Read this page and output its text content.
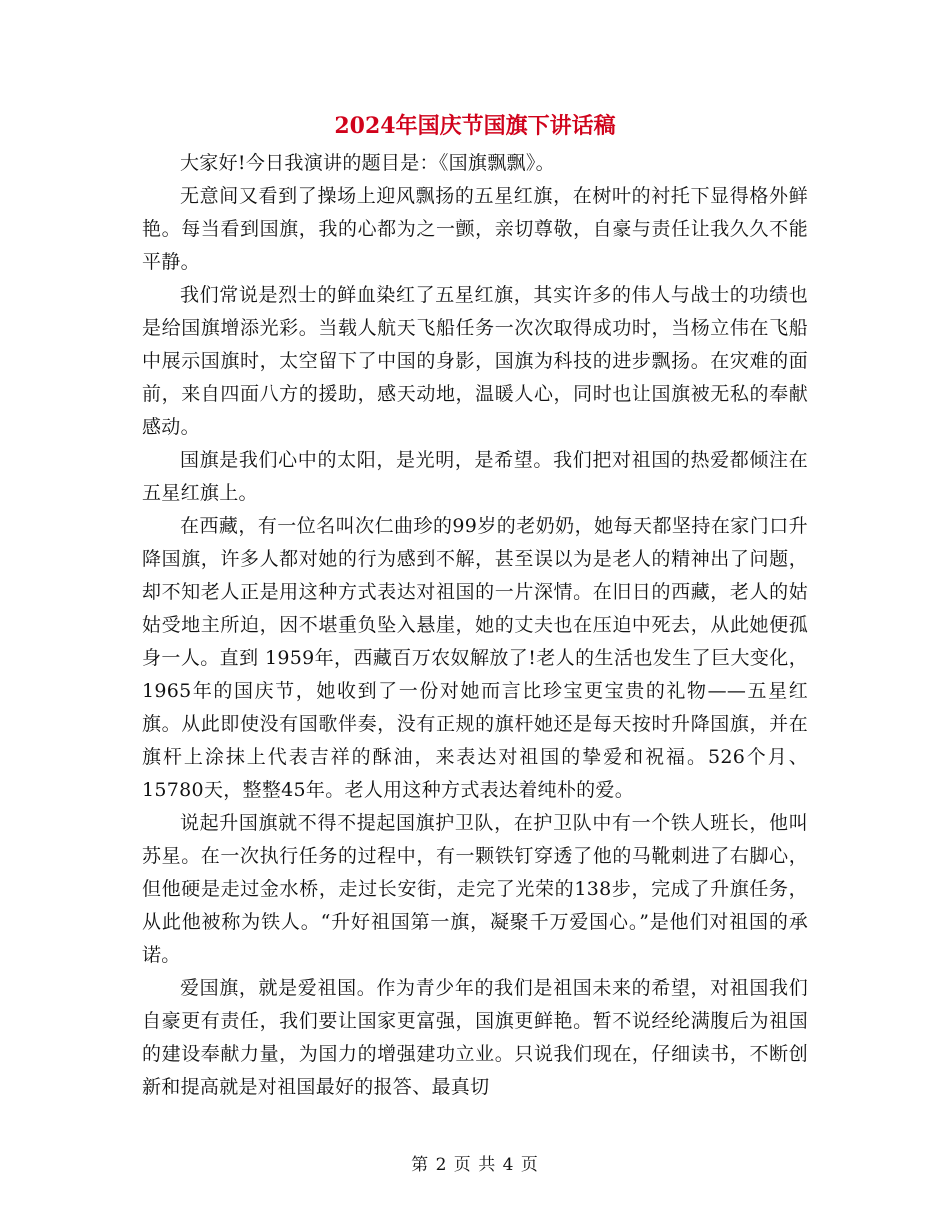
2024年国庆节国旗下讲话稿

大家好!今日我演讲的题目是：《国旗飘飘》。

无意间又看到了操场上迎风飘扬的五星红旗，在树叶的衬托下显得格外鲜艳。每当看到国旗，我的心都为之一颤，亲切尊敬，自豪与责任让我久久不能平静。

我们常说是烈士的鲜血染红了五星红旗，其实许多的伟人与战士的功绩也是给国旗增添光彩。当载人航天飞船任务一次次取得成功时，当杨立伟在飞船中展示国旗时，太空留下了中国的身影，国旗为科技的进步飘扬。在灾难的面前，来自四面八方的援助，感天动地，温暖人心，同时也让国旗被无私的奉献感动。

国旗是我们心中的太阳，是光明，是希望。我们把对祖国的热爱都倾注在五星红旗上。

在西藏，有一位名叫次仁曲珍的99岁的老奶奶，她每天都坚持在家门口升降国旗，许多人都对她的行为感到不解，甚至误以为是老人的精神出了问题，却不知老人正是用这种方式表达对祖国的一片深情。在旧日的西藏，老人的姑姑受地主所迫，因不堪重负坠入悬崖，她的丈夫也在压迫中死去，从此她便孤身一人。直到 1959年，西藏百万农奴解放了!老人的生活也发生了巨大变化，1965年的国庆节，她收到了一份对她而言比珍宝更宝贵的礼物——五星红旗。从此即使没有国歌伴奏，没有正规的旗杆她还是每天按时升降国旗，并在旗杆上涂抹上代表吉祥的酥油，来表达对祖国的挚爱和祝福。526个月、15780天，整整45年。老人用这种方式表达着纯朴的爱。

说起升国旗就不得不提起国旗护卫队，在护卫队中有一个铁人班长，他叫苏星。在一次执行任务的过程中，有一颗铁钉穿透了他的马靴刺进了右脚心，但他硬是走过金水桥，走过长安街，走完了光荣的138步，完成了升旗任务，从此他被称为铁人。“升好祖国第一旗，凝聚千万爱国心。”是他们对祖国的承诺。

爱国旗，就是爱祖国。作为青少年的我们是祖国未来的希望，对祖国我们自豪更有责任，我们要让国家更富强，国旗更鲜艳。暂不说经纶满腹后为祖国的建设奉献力量，为国力的增强建功立业。只说我们现在，仔细读书，不断创新和提高就是对祖国最好的报答、最真切

第 2 页 共 4 页
